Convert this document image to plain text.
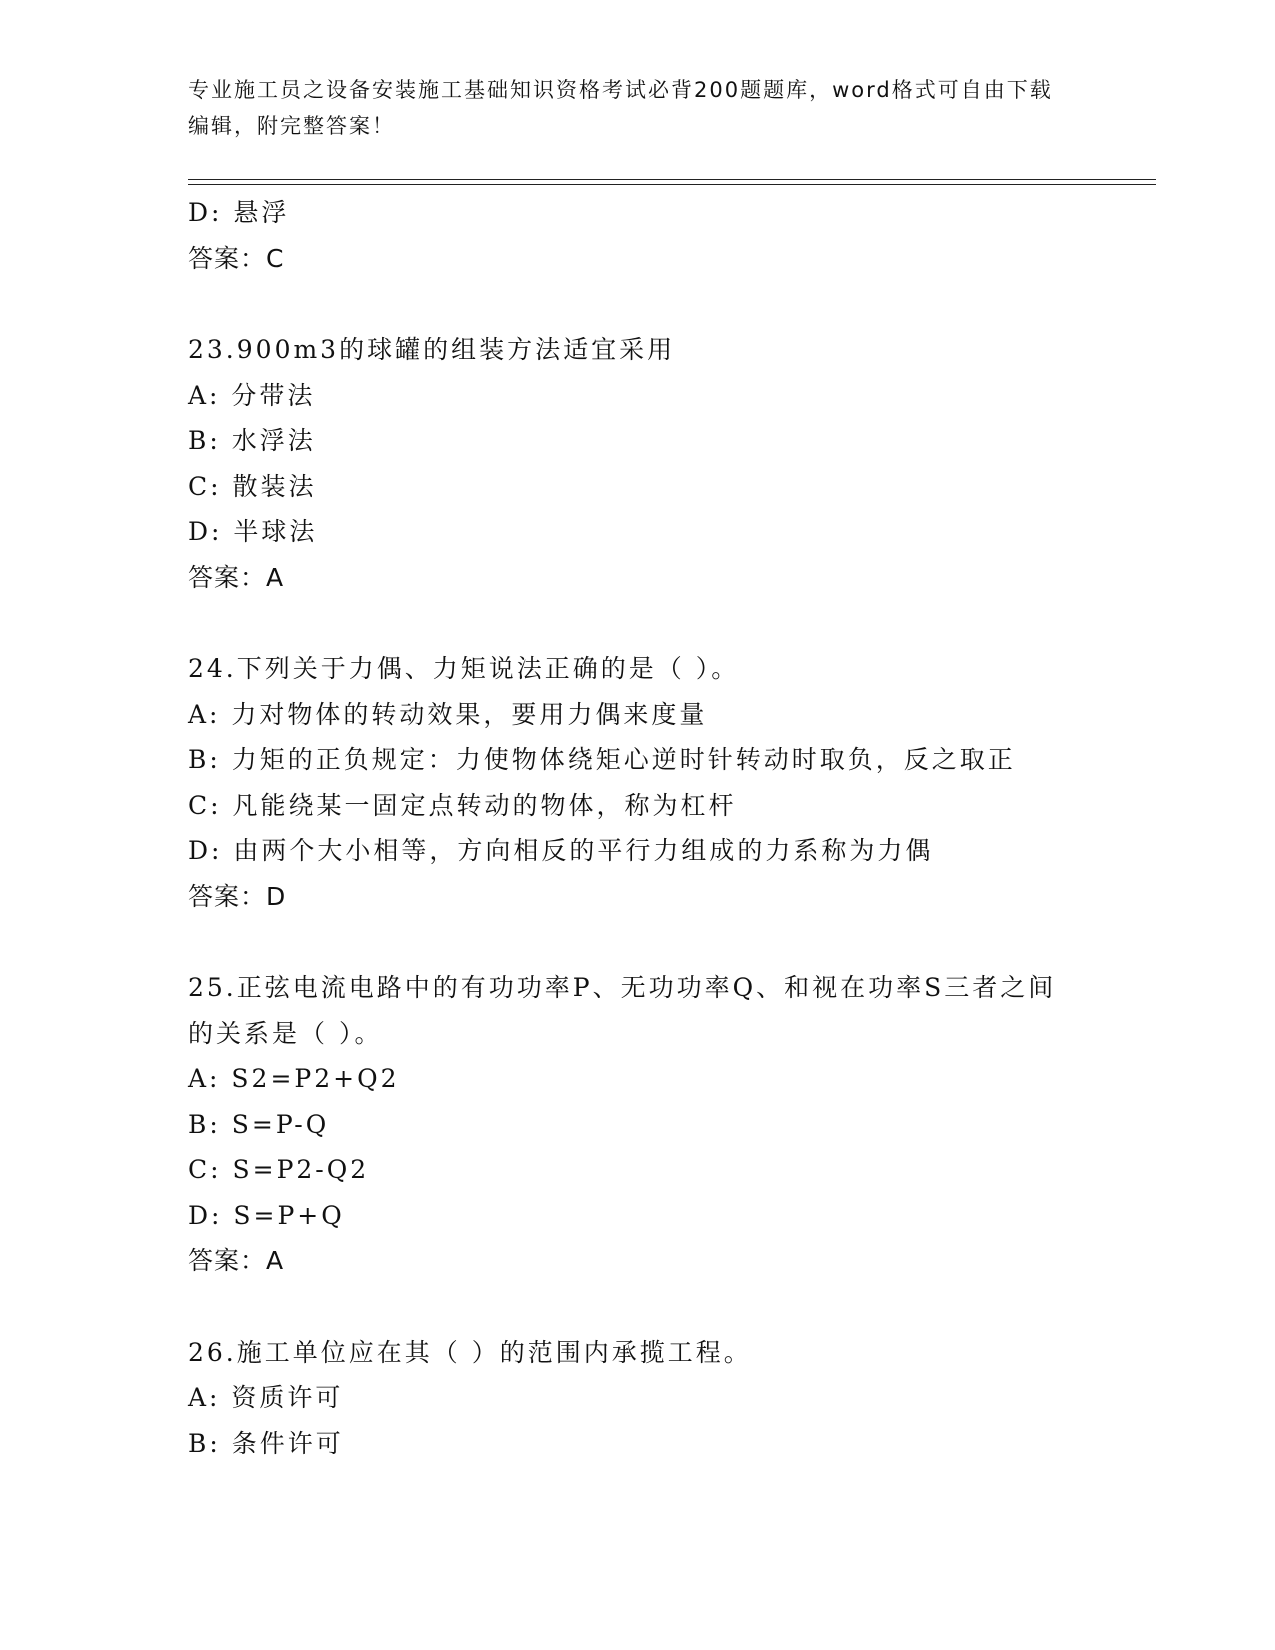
专业施工员之设备安装施工基础知识资格考试必背200题题库，word格式可自由下载编辑，附完整答案！
D: 悬浮
答案：C
23.900m3的球罐的组装方法适宜采用
A: 分带法
B: 水浮法
C: 散装法
D: 半球法
答案：A
24.下列关于力偶、力矩说法正确的是（ ）。
A: 力对物体的转动效果，要用力偶来度量
B: 力矩的正负规定：力使物体绕矩心逆时针转动时取负，反之取正
C: 凡能绕某一固定点转动的物体，称为杠杆
D: 由两个大小相等，方向相反的平行力组成的力系称为力偶
答案：D
25.正弦电流电路中的有功功率P、无功功率Q、和视在功率S三者之间的关系是（ ）。
A: S2=P2+Q2
B: S=P-Q
C: S=P2-Q2
D: S=P+Q
答案：A
26.施工单位应在其（ ）的范围内承揽工程。
A: 资质许可
B: 条件许可
